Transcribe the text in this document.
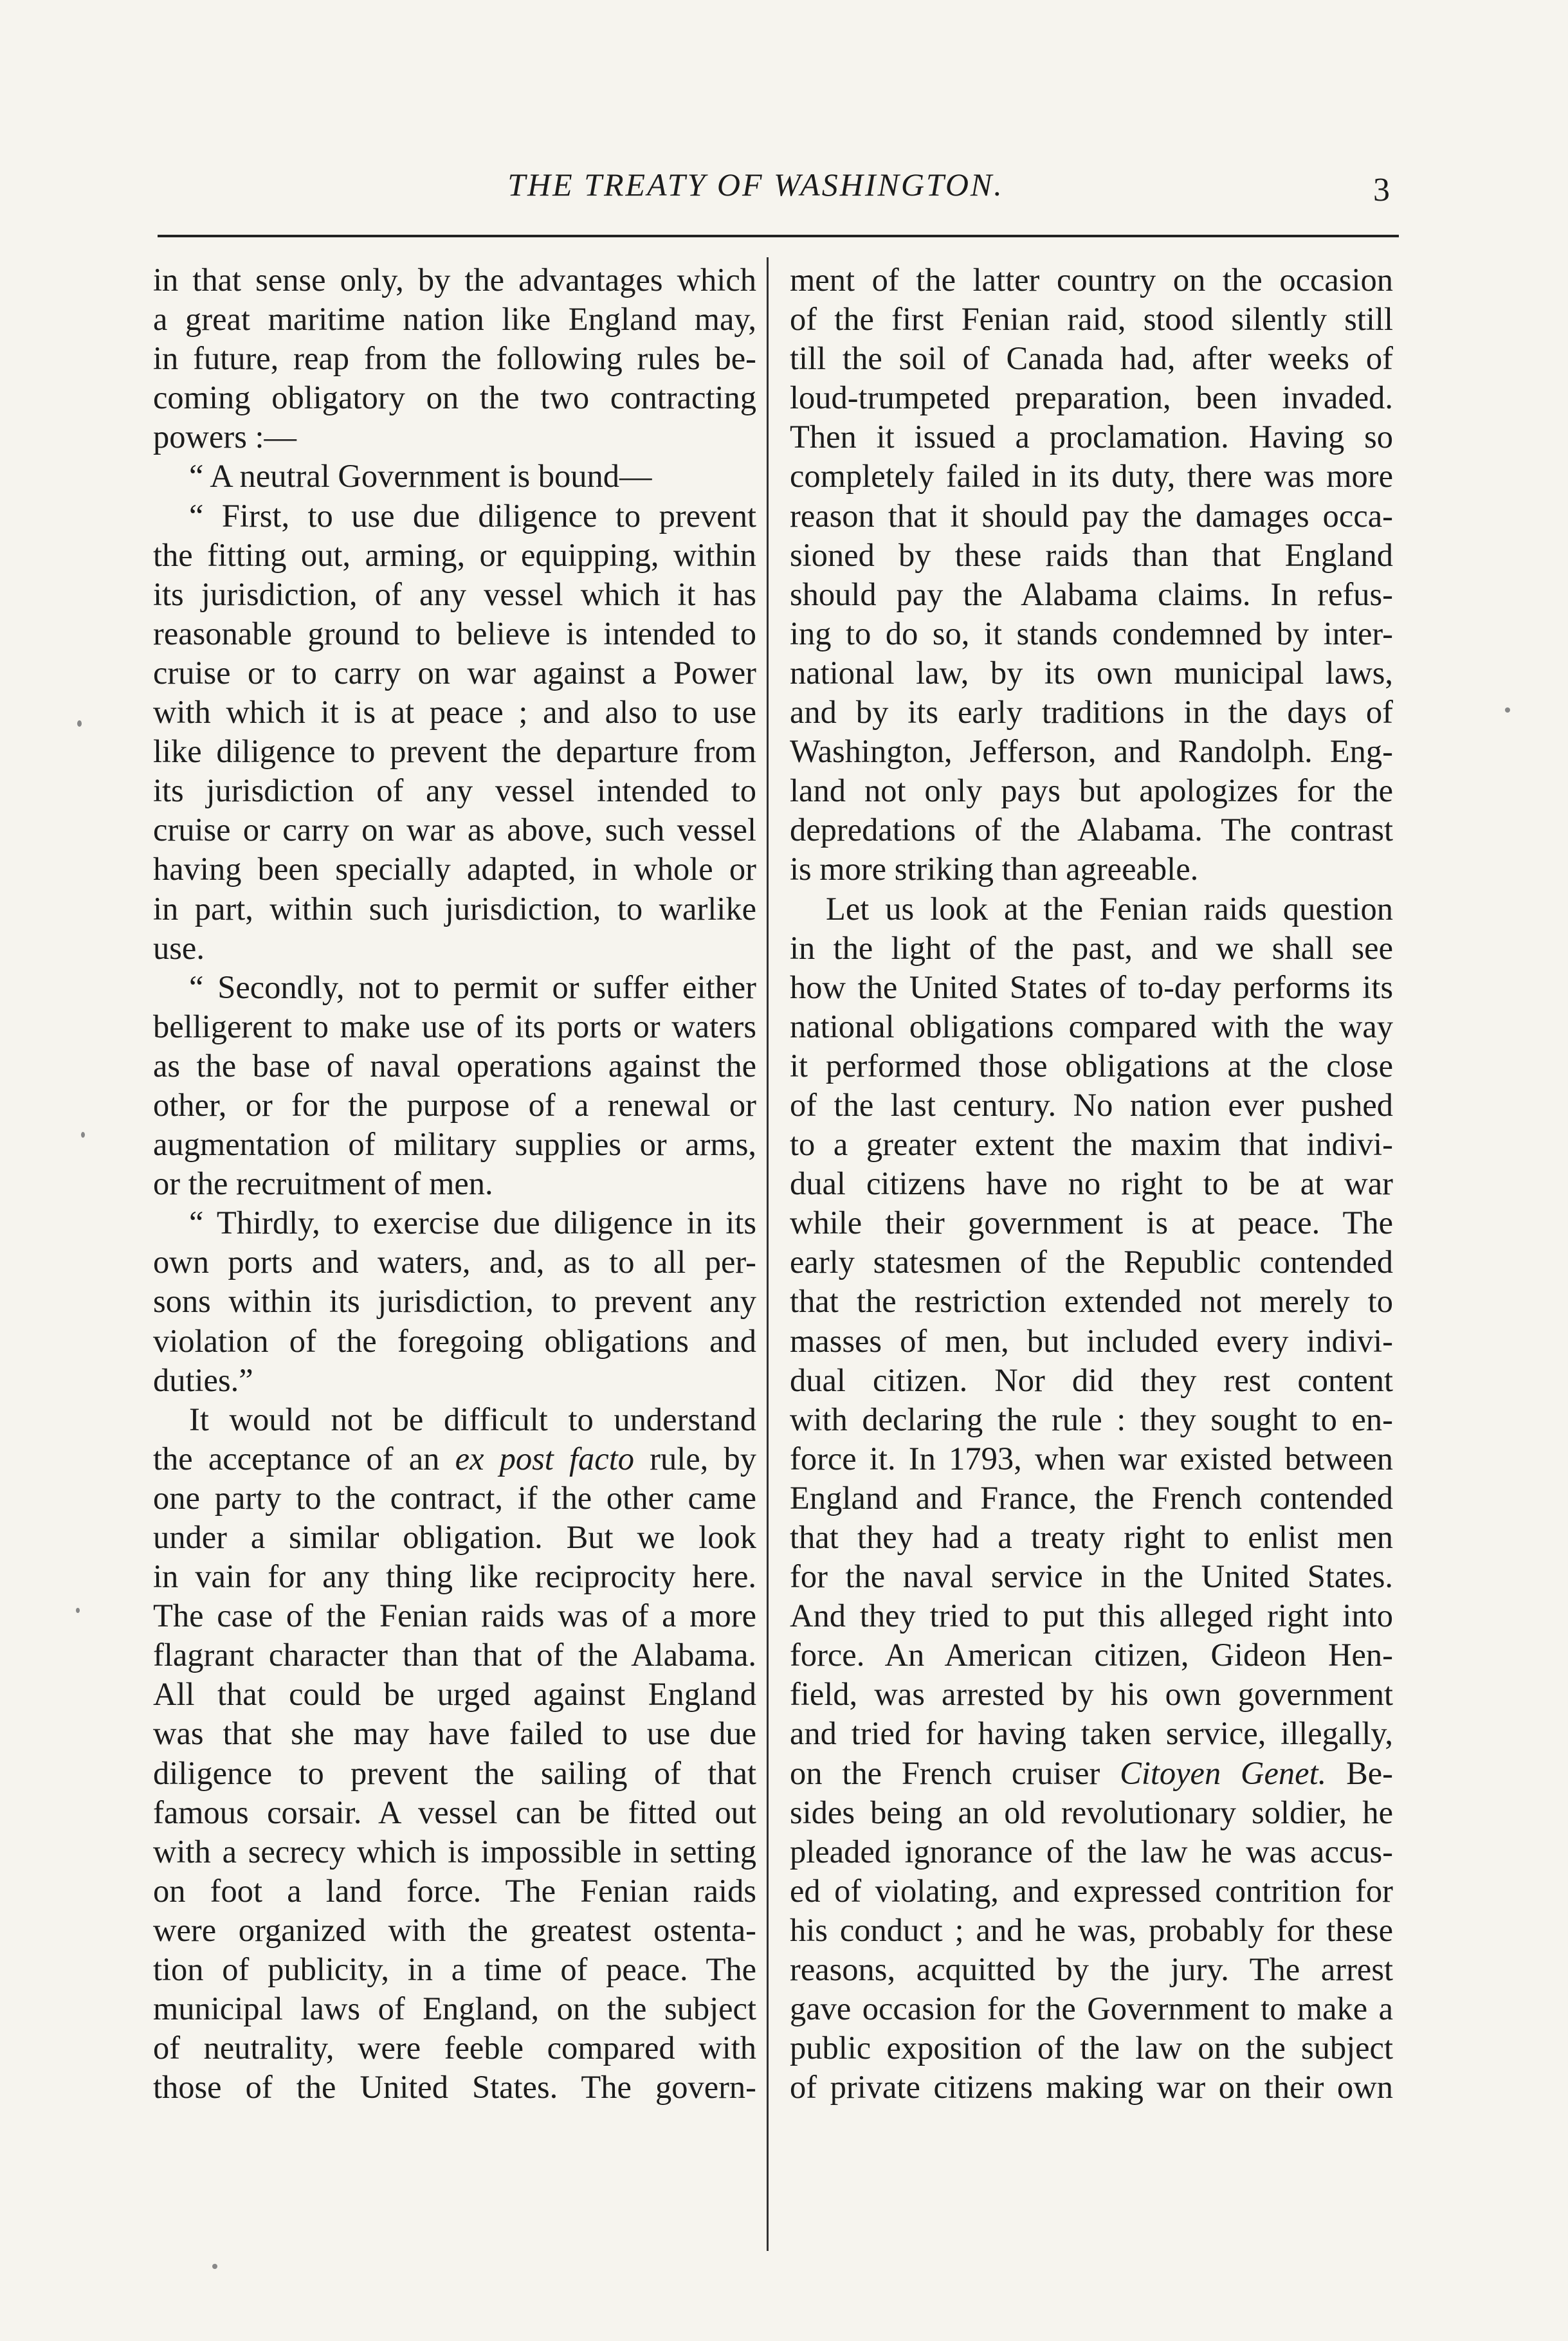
THE TREATY OF WASHINGTON.	3
in that sense only, by the advantages which
a great maritime nation like England may,
in future, reap from the following rules be-
coming obligatory on the two contracting
powers :—
“ A neutral Government is bound—
“ First, to use due diligence to prevent
the fitting out, arming, or equipping, within
its jurisdiction, of any vessel which it has
reasonable ground to believe is intended to
cruise or to carry on war against a Power
with which it is at peace ; and also to use
like diligence to prevent the departure from
its jurisdiction of any vessel intended to
cruise or carry on war as above, such vessel
having been specially adapted, in whole or
in part, within such jurisdiction, to warlike
use.
“ Secondly, not to permit or suffer either
belligerent to make use of its ports or waters
as the base of naval operations against the
other, or for the purpose of a renewal or
augmentation of military supplies or arms,
or the recruitment of men.
“ Thirdly, to exercise due diligence in its
own ports and waters, and, as to all per-
sons within its jurisdiction, to prevent any
violation of the foregoing obligations and
duties.”
It would not be difficult to understand
the acceptance of an ex post facto rule, by
one party to the contract, if the other came
under a similar obligation. But we look
in vain for any thing like reciprocity here.
The case of the Fenian raids was of a more
flagrant character than that of the Alabama.
All that could be urged against England
was that she may have failed to use due
diligence to prevent the sailing of that
famous corsair. A vessel can be fitted out
with a secrecy which is impossible in setting
on foot a land force. The Fenian raids
were organized with the greatest ostenta-
tion of publicity, in a time of peace. The
municipal laws of England, on the subject
of neutrality, were feeble compared with
those of the United States. The govern-
ment of the latter country on the occasion
of the first Fenian raid, stood silently still
till the soil of Canada had, after weeks of
loud-trumpeted preparation, been invaded.
Then it issued a proclamation. Having so
completely failed in its duty, there was more
reason that it should pay the damages occa-
sioned by these raids than that England
should pay the Alabama claims. In refus-
ing to do so, it stands condemned by inter-
national law, by its own municipal laws,
and by its early traditions in the days of
Washington, Jefferson, and Randolph. Eng-
land not only pays but apologizes for the
depredations of the Alabama. The contrast
is more striking than agreeable.
Let us look at the Fenian raids question
in the light of the past, and we shall see
how the United States of to-day performs its
national obligations compared with the way
it performed those obligations at the close
of the last century. No nation ever pushed
to a greater extent the maxim that indivi-
dual citizens have no right to be at war
while their government is at peace. The
early statesmen of the Republic contended
that the restriction extended not merely to
masses of men, but included every indivi-
dual citizen. Nor did they rest content
with declaring the rule : they sought to en-
force it. In 1793, when war existed between
England and France, the French contended
that they had a treaty right to enlist men
for the naval service in the United States.
And they tried to put this alleged right into
force. An American citizen, Gideon Hen-
field, was arrested by his own government
and tried for having taken service, illegally,
on the French cruiser Citoyen Genet. Be-
sides being an old revolutionary soldier, he
pleaded ignorance of the law he was accus-
ed of violating, and expressed contrition for
his conduct ; and he was, probably for these
reasons, acquitted by the jury. The arrest
gave occasion for the Government to make a
public exposition of the law on the subject
of private citizens making war on their own
